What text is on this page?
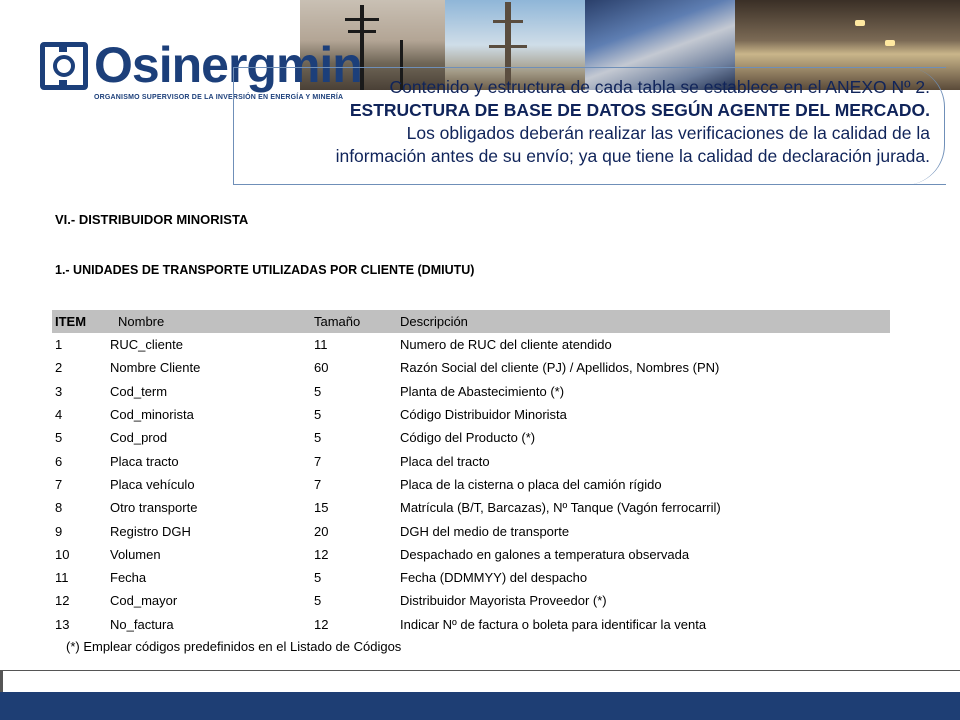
Osinergmin
ORGANISMO SUPERVISOR DE LA INVERSIÓN EN ENERGÍA Y MINERÍA
Contenido y estructura de cada tabla se establece en el ANEXO Nº 2.
ESTRUCTURA DE BASE DE DATOS SEGÚN AGENTE DEL MERCADO.
Los obligados deberán realizar las verificaciones de la calidad de la
información antes de su envío; ya que tiene la calidad de declaración jurada.
VI.- DISTRIBUIDOR MINORISTA
1.- UNIDADES DE TRANSPORTE UTILIZADAS POR CLIENTE (DMIUTU)
ITEM	Nombre	Tamaño	Descripción
1	RUC_cliente	11	Numero de RUC del cliente atendido
2	Nombre Cliente	60	Razón Social del cliente (PJ) / Apellidos, Nombres (PN)
3	Cod_term	5	Planta de Abastecimiento (*)
4	Cod_minorista	5	Código Distribuidor Minorista
5	Cod_prod	5	Código del Producto (*)
6	Placa tracto	7	Placa del tracto
7	Placa vehículo	7	Placa de la cisterna o placa del camión rígido
8	Otro transporte	15	Matrícula (B/T, Barcazas), Nº Tanque (Vagón ferrocarril)
9	Registro DGH	20	DGH del medio de transporte
10	Volumen	12	Despachado en galones a temperatura observada
11	Fecha	5	Fecha (DDMMYY) del despacho
12	Cod_mayor	5	Distribuidor Mayorista Proveedor (*)
13	No_factura	12	Indicar Nº de factura o boleta para identificar la venta
(*) Emplear códigos predefinidos en el Listado de Códigos
